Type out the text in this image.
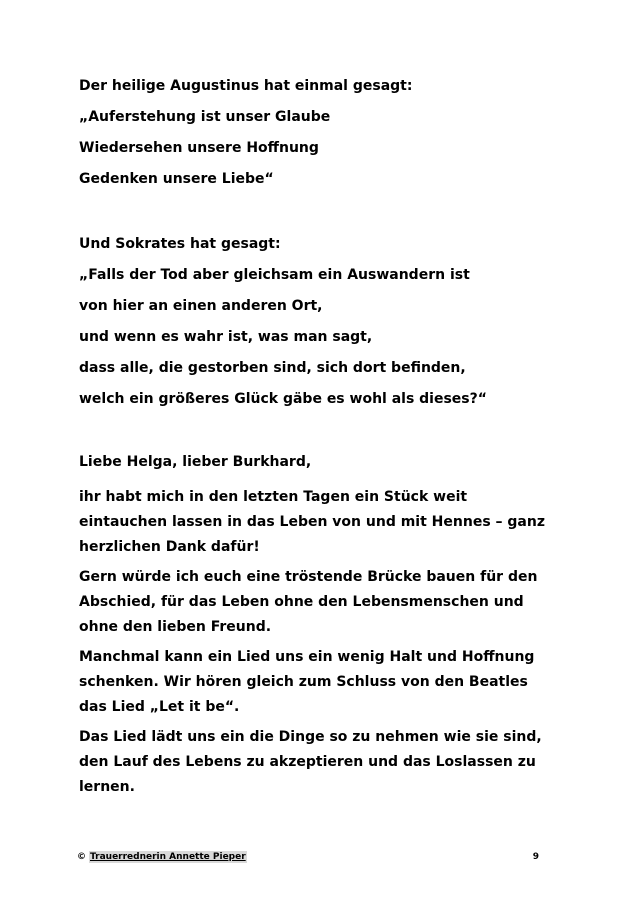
Der heilige Augustinus hat einmal gesagt:

„Auferstehung ist unser Glaube

Wiedersehen unsere Hoffnung

Gedenken unsere Liebe“

Und Sokrates hat gesagt:

„Falls der Tod aber gleichsam ein Auswandern ist

von hier an einen anderen Ort,

und wenn es wahr ist, was man sagt,

dass alle, die gestorben sind, sich dort befinden,

welch ein größeres Glück gäbe es wohl als dieses?“

Liebe Helga, lieber Burkhard,

ihr habt mich in den letzten Tagen ein Stück weit
eintauchen lassen in das Leben von und mit Hennes – ganz
herzlichen Dank dafür!

Gern würde ich euch eine tröstende Brücke bauen für den
Abschied, für das Leben ohne den Lebensmenschen und
ohne den lieben Freund.

Manchmal kann ein Lied uns ein wenig Halt und Hoffnung
schenken. Wir hören gleich zum Schluss von den Beatles
das Lied „Let it be“.

Das Lied lädt uns ein die Dinge so zu nehmen wie sie sind,
den Lauf des Lebens zu akzeptieren und das Loslassen zu
lernen.

© Trauerrednerin Annette Pieper	9
